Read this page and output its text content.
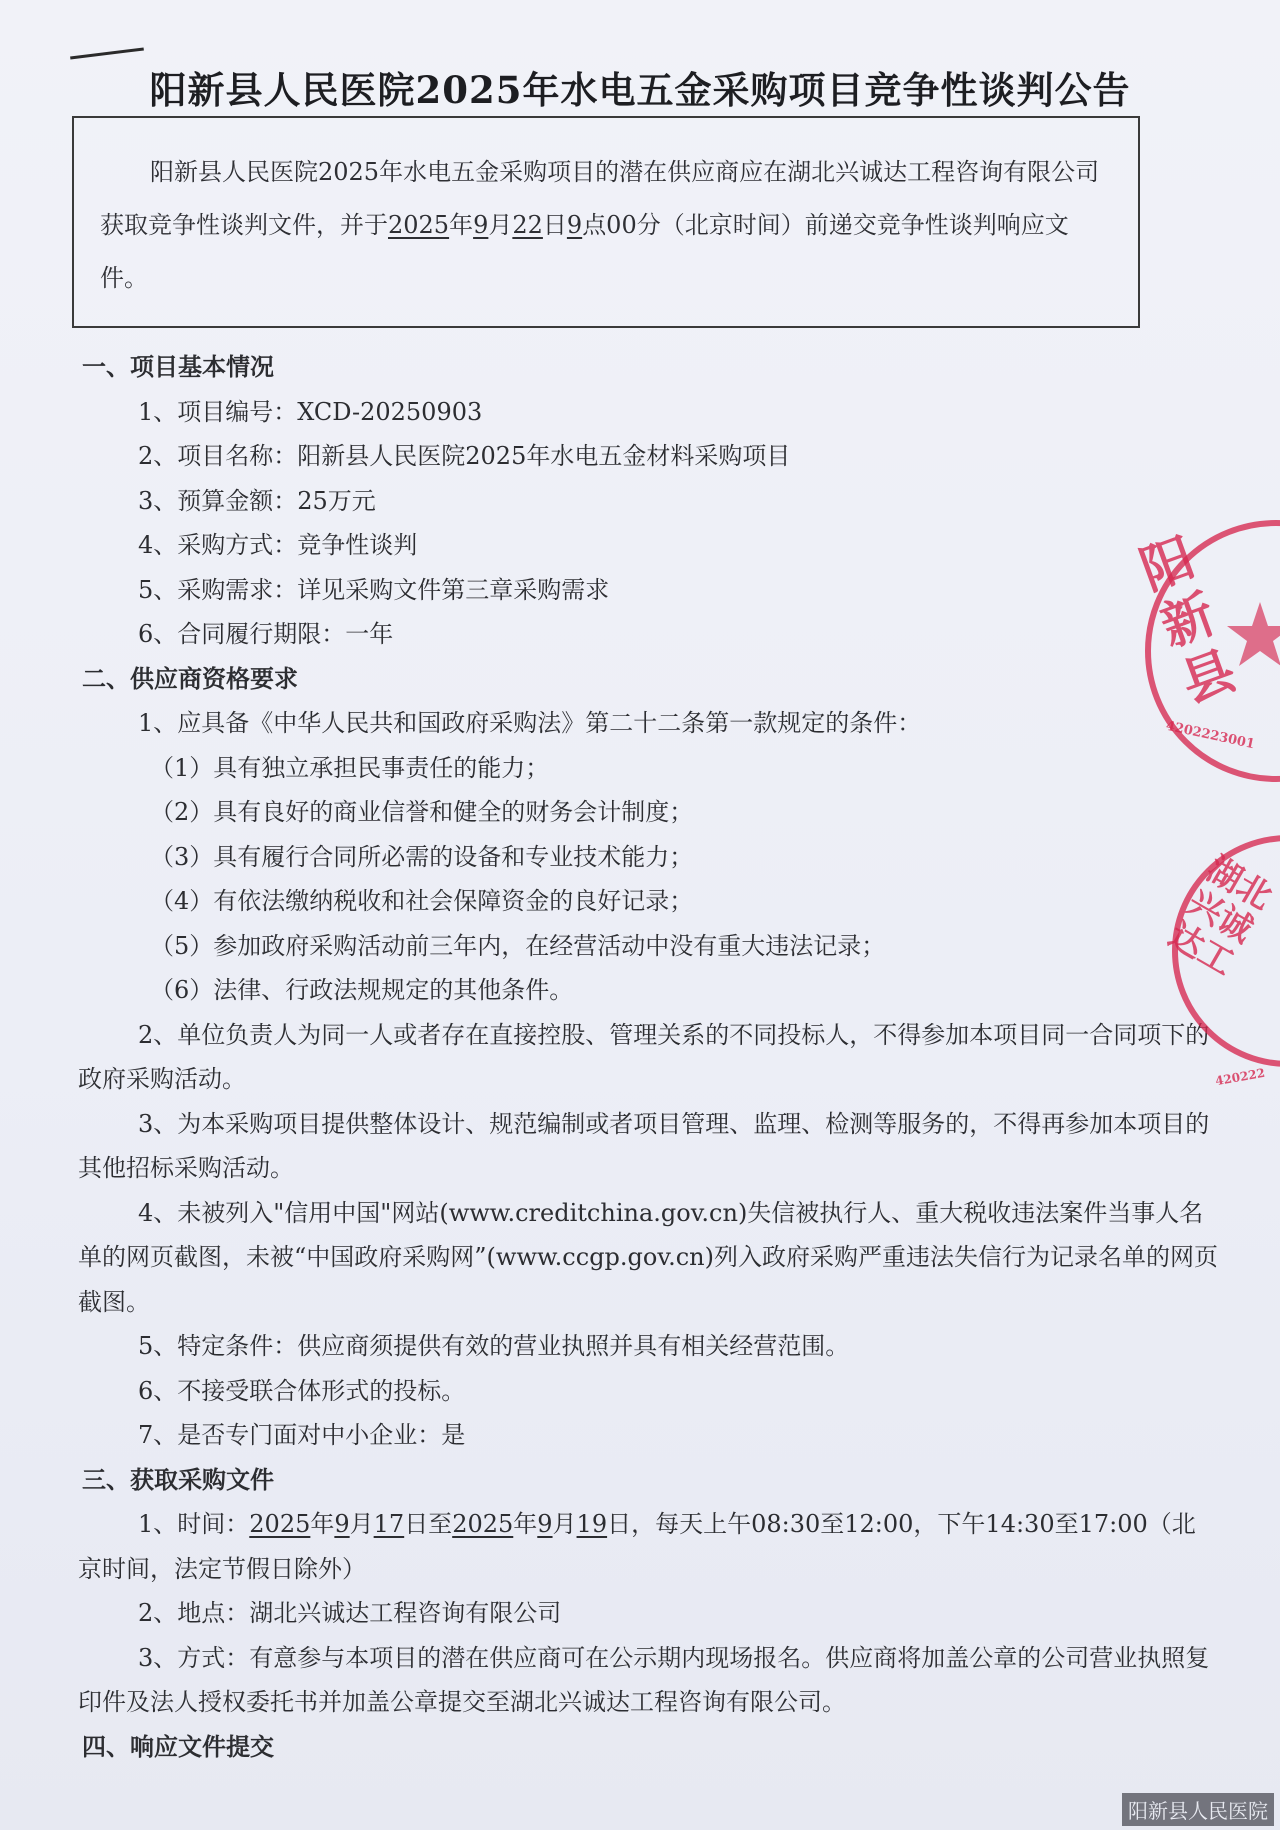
阳新县人民医院2025年水电五金采购项目竞争性谈判公告

阳新县人民医院2025年水电五金采购项目的潜在供应商应在湖北兴诚达工程咨询有限公司获取竞争性谈判文件，并于2025年9月22日9点00分（北京时间）前递交竞争性谈判响应文件。

一、项目基本情况
1、项目编号：XCD-20250903
2、项目名称：阳新县人民医院2025年水电五金材料采购项目
3、预算金额：25万元
4、采购方式：竞争性谈判
5、采购需求：详见采购文件第三章采购需求
6、合同履行期限：一年
二、供应商资格要求
1、应具备《中华人民共和国政府采购法》第二十二条第一款规定的条件：
（1）具有独立承担民事责任的能力；
（2）具有良好的商业信誉和健全的财务会计制度；
（3）具有履行合同所必需的设备和专业技术能力；
（4）有依法缴纳税收和社会保障资金的良好记录；
（5）参加政府采购活动前三年内，在经营活动中没有重大违法记录；
（6）法律、行政法规规定的其他条件。

2、单位负责人为同一人或者存在直接控股、管理关系的不同投标人，不得参加本项目同一合同项下的政府采购活动。

3、为本采购项目提供整体设计、规范编制或者项目管理、监理、检测等服务的，不得再参加本项目的其他招标采购活动。

4、未被列入"信用中国"网站(www.creditchina.gov.cn)失信被执行人、重大税收违法案件当事人名单的网页截图，未被“中国政府采购网”(www.ccgp.gov.cn)列入政府采购严重违法失信行为记录名单的网页截图。

5、特定条件：供应商须提供有效的营业执照并具有相关经营范围。
6、不接受联合体形式的投标。
7、是否专门面对中小企业：是
三、获取采购文件

1、时间：2025年9月17日至2025年9月19日，每天上午08:30至12:00，下午14:30至17:00（北京时间，法定节假日除外）

2、地点：湖北兴诚达工程咨询有限公司

3、方式：有意参与本项目的潜在供应商可在公示期内现场报名。供应商将加盖公章的公司营业执照复印件及法人授权委托书并加盖公章提交至湖北兴诚达工程咨询有限公司。

四、响应文件提交
阳新县
4202223001
湖北兴诚达工
420222
阳新县人民医院
